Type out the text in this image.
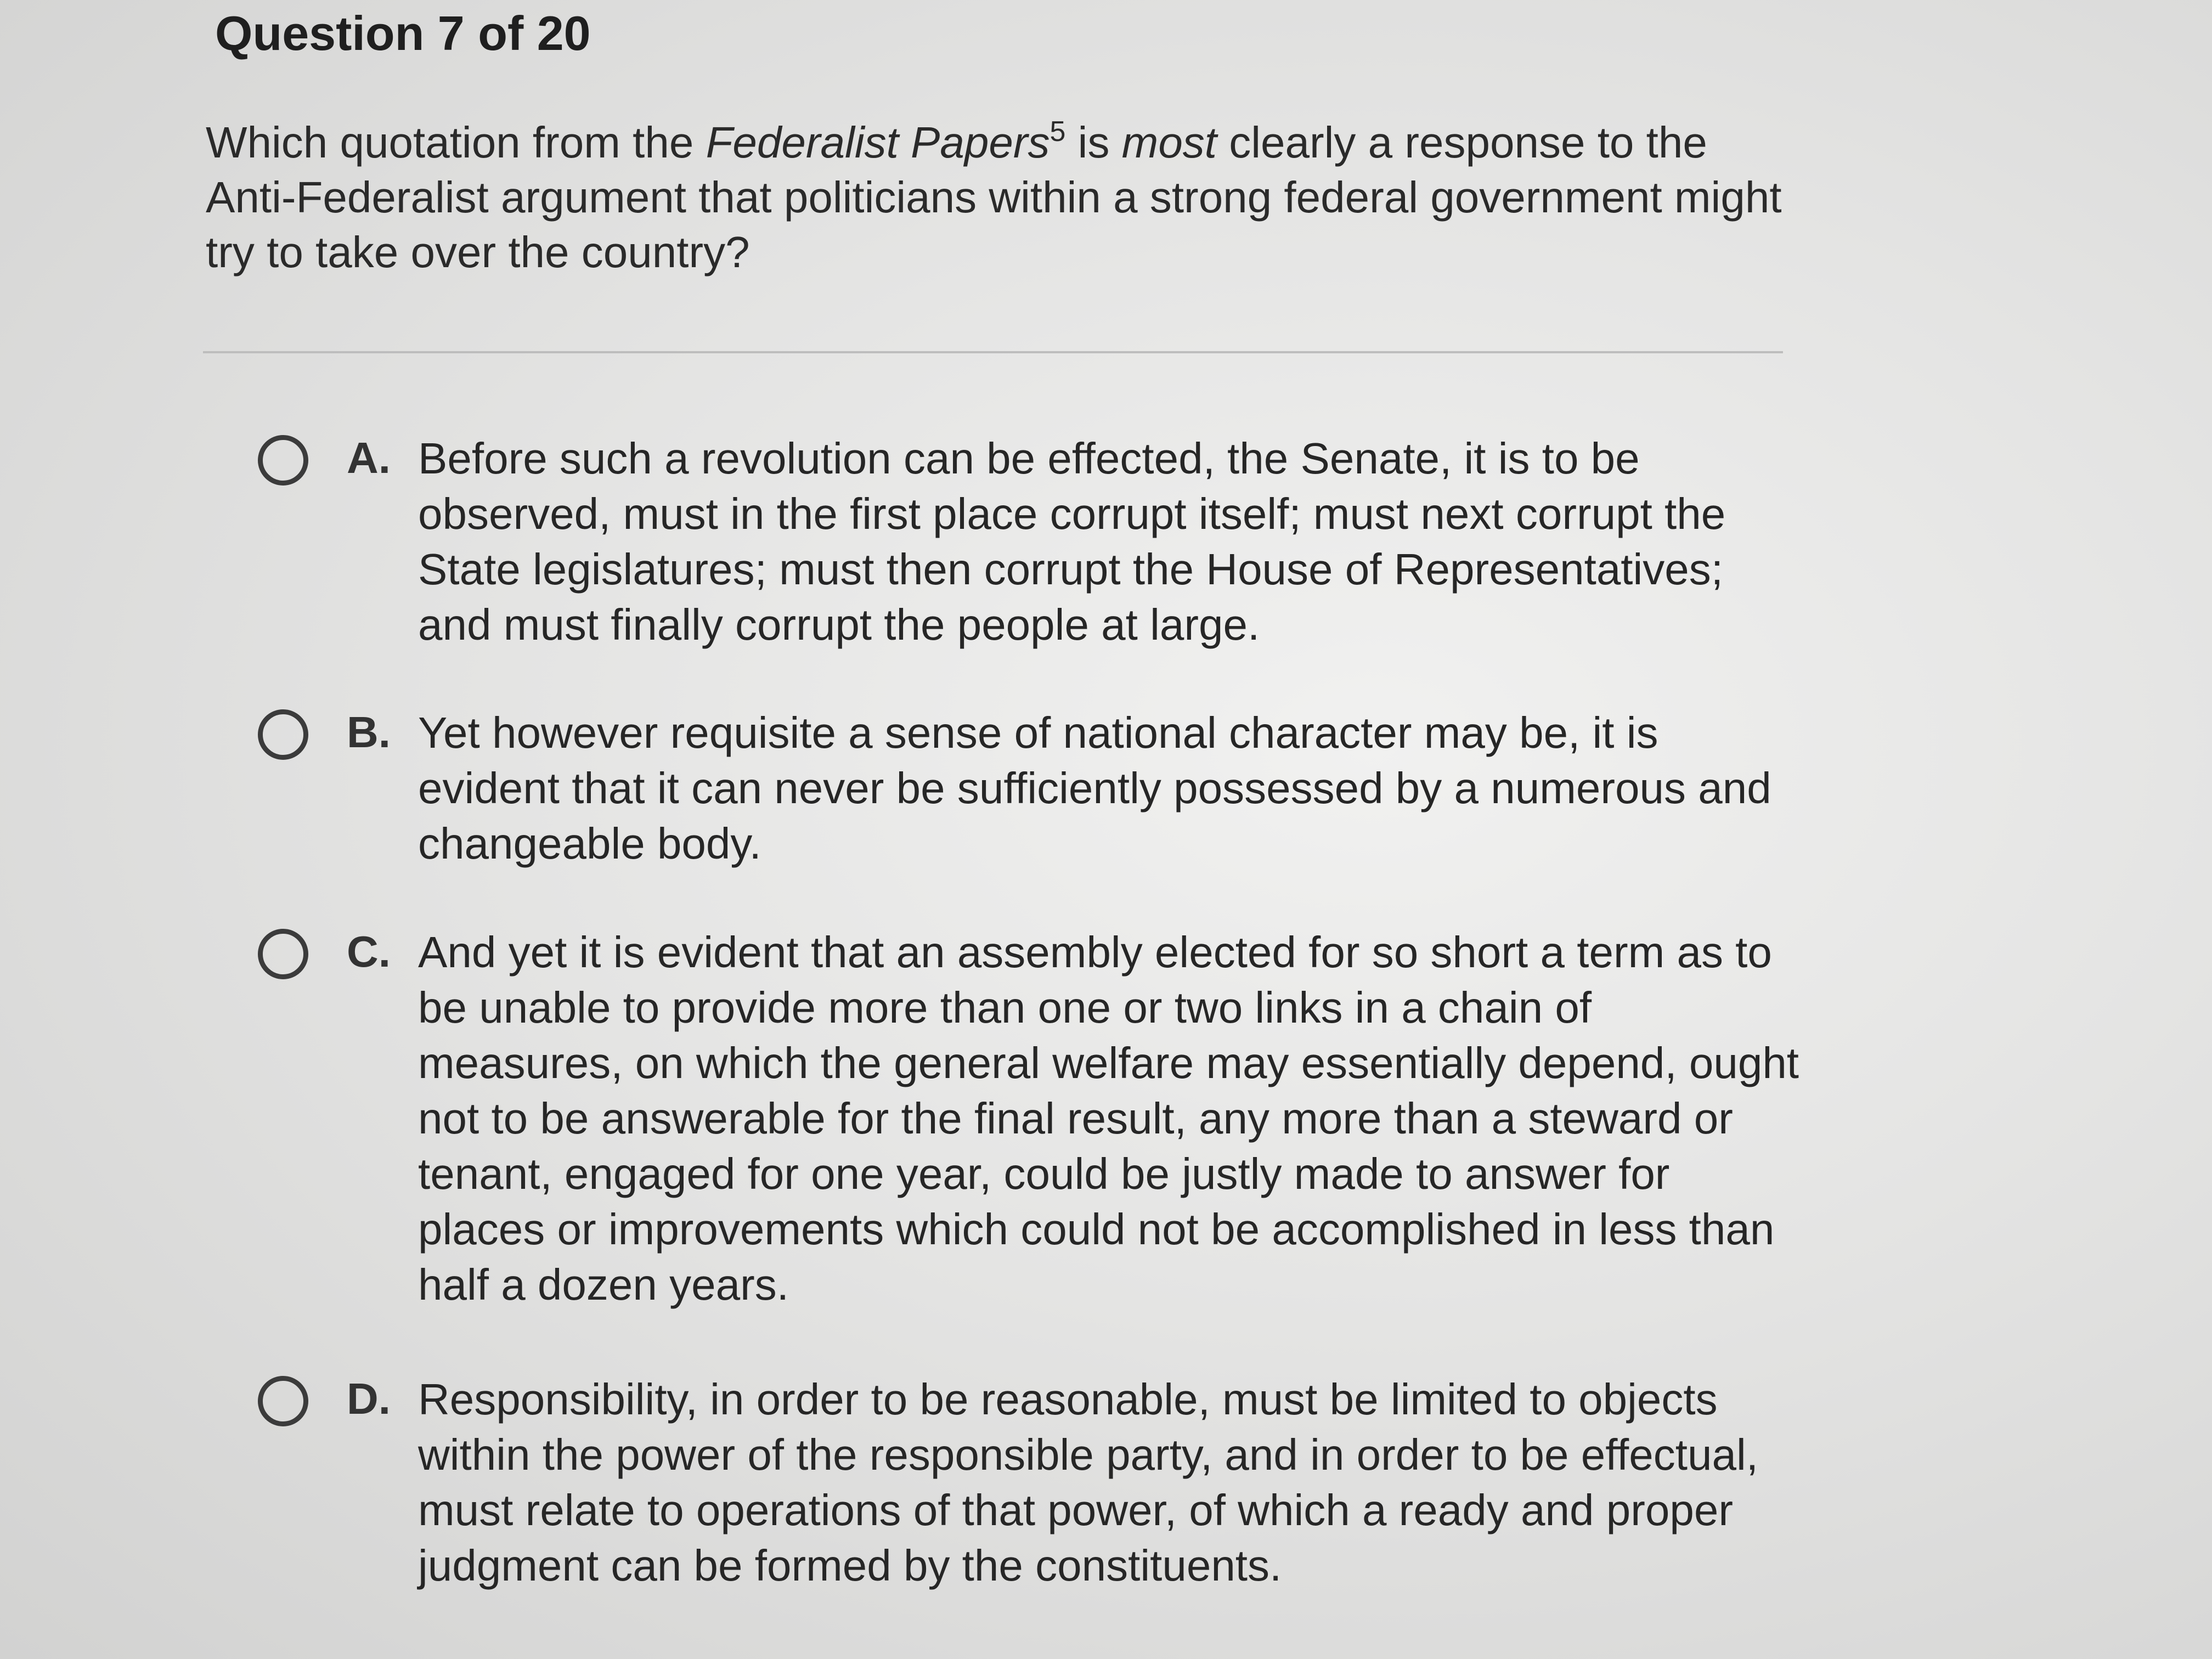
Question 7 of 20

Which quotation from the Federalist Papers$^5$ is most clearly a response to the Anti-Federalist argument that politicians within a strong federal government might try to take over the country?

A. Before such a revolution can be effected, the Senate, it is to be observed, must in the first place corrupt itself; must next corrupt the State legislatures; must then corrupt the House of Representatives; and must finally corrupt the people at large.
B. Yet however requisite a sense of national character may be, it is evident that it can never be sufficiently possessed by a numerous and changeable body.
C. And yet it is evident that an assembly elected for so short a term as to be unable to provide more than one or two links in a chain of measures, on which the general welfare may essentially depend, ought not to be answerable for the final result, any more than a steward or tenant, engaged for one year, could be justly made to answer for places or improvements which could not be accomplished in less than half a dozen years.
D. Responsibility, in order to be reasonable, must be limited to objects within the power of the responsible party, and in order to be effectual, must relate to operations of that power, of which a ready and proper judgment can be formed by the constituents.
